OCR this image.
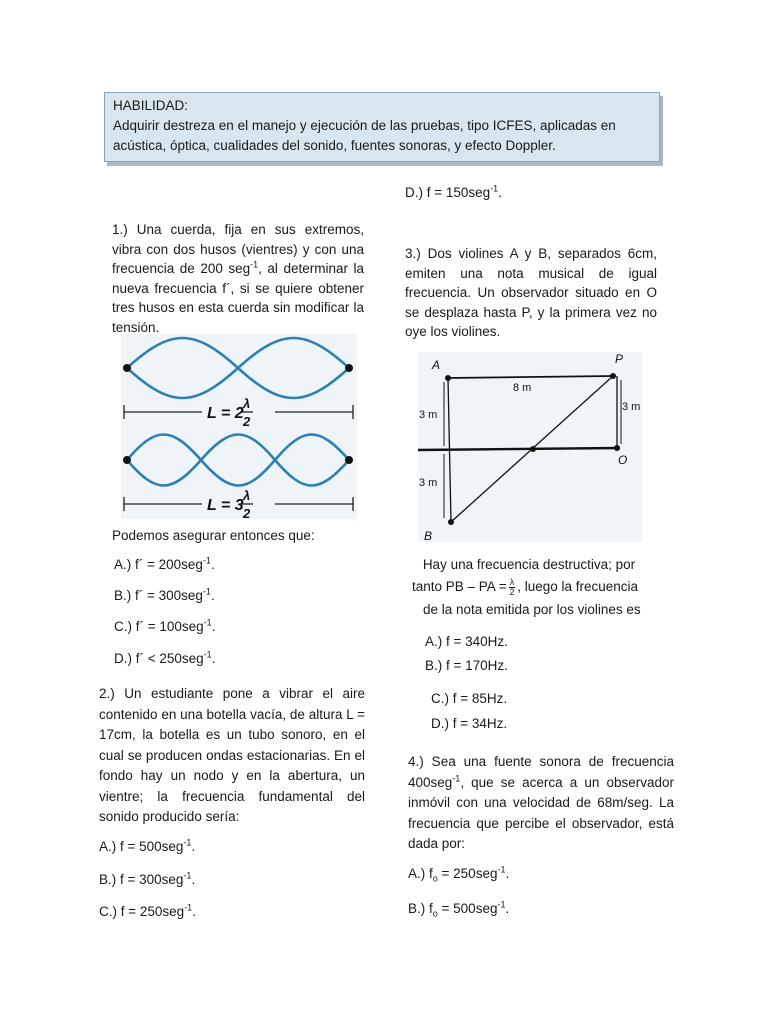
HABILIDAD:
Adquirir destreza en el manejo y ejecución de las pruebas, tipo ICFES, aplicadas en
acústica, óptica, cualidades del sonido, fuentes sonoras, y efecto Doppler.
1.) Una cuerda, fija en sus extremos, vibra con dos husos (vientres) y con una frecuencia de 200 seg$^{-1}$, al determinar la nueva frecuencia f´, si se quiere obtener tres husos en esta cuerda sin modificar la tensión.
L = 2
λ
2
L = 3
λ
2
Podemos asegurar entonces que:
A.) f´ = 200seg$^{-1}$.
B.) f´ = 300seg$^{-1}$.
C.) f´ = 100seg$^{-1}$.
D.) f´ < 250seg$^{-1}$.
2.) Un estudiante pone a vibrar el aire contenido en una botella vacía, de altura L = 17cm, la botella es un tubo sonoro, en el cual se producen ondas estacionarias. En el fondo hay un nodo y en la abertura, un vientre; la frecuencia fundamental del sonido producido sería:
A.) f = 500seg$^{-1}$.
B.) f = 300seg$^{-1}$.
C.) f = 250seg$^{-1}$.
D.) f = 150seg$^{-1}$.
3.) Dos violines A y B, separados 6cm, emiten una nota musical de igual frecuencia. Un observador situado en O se desplaza hasta P, y la primera vez no oye los violines.
A	P
O
B
8 m
3 m
3 m
3 m
Hay una frecuencia destructiva; por
tanto PB – PA = $\frac{\lambda}{2}$ , luego la frecuencia
de la nota emitida por los violines es
A.) f = 340Hz.
B.) f = 170Hz.
C.) f = 85Hz.
D.) f = 34Hz.
4.) Sea una fuente sonora de frecuencia 400seg$^{-1}$, que se acerca a un observador inmóvil con una velocidad de 68m/seg. La frecuencia que percibe el observador, está dada por:
A.) $f_o = 250seg^{-1}$.
B.) $f_o = 500seg^{-1}$.
